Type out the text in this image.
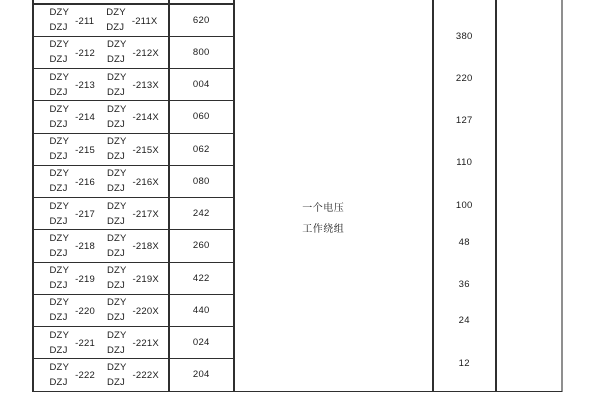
DZY
DZJ
-211
DZY
DZJ
-211X
DZY
DZJ
-212
DZY
DZJ
-212X
DZY
DZJ
-213
DZY
DZJ
-213X
DZY
DZJ
-214
DZY
DZJ
-214X
DZY
DZJ
-215
DZY
DZJ
-215X
DZY
DZJ
-216
DZY
DZJ
-216X
DZY
DZJ
-217
DZY
DZJ
-217X
DZY
DZJ
-218
DZY
DZJ
-218X
DZY
DZJ
-219
DZY
DZJ
-219X
DZY
DZJ
-220
DZY
DZJ
-220X
DZY
DZJ
-221
DZY
DZJ
-221X
DZY
DZJ
-222
DZY
DZJ
-222X
620
800
004
060
062
080
242
260
422
440
024
204
一个电压
工作绕组
380
220
127
110
100
48
36
24
12
